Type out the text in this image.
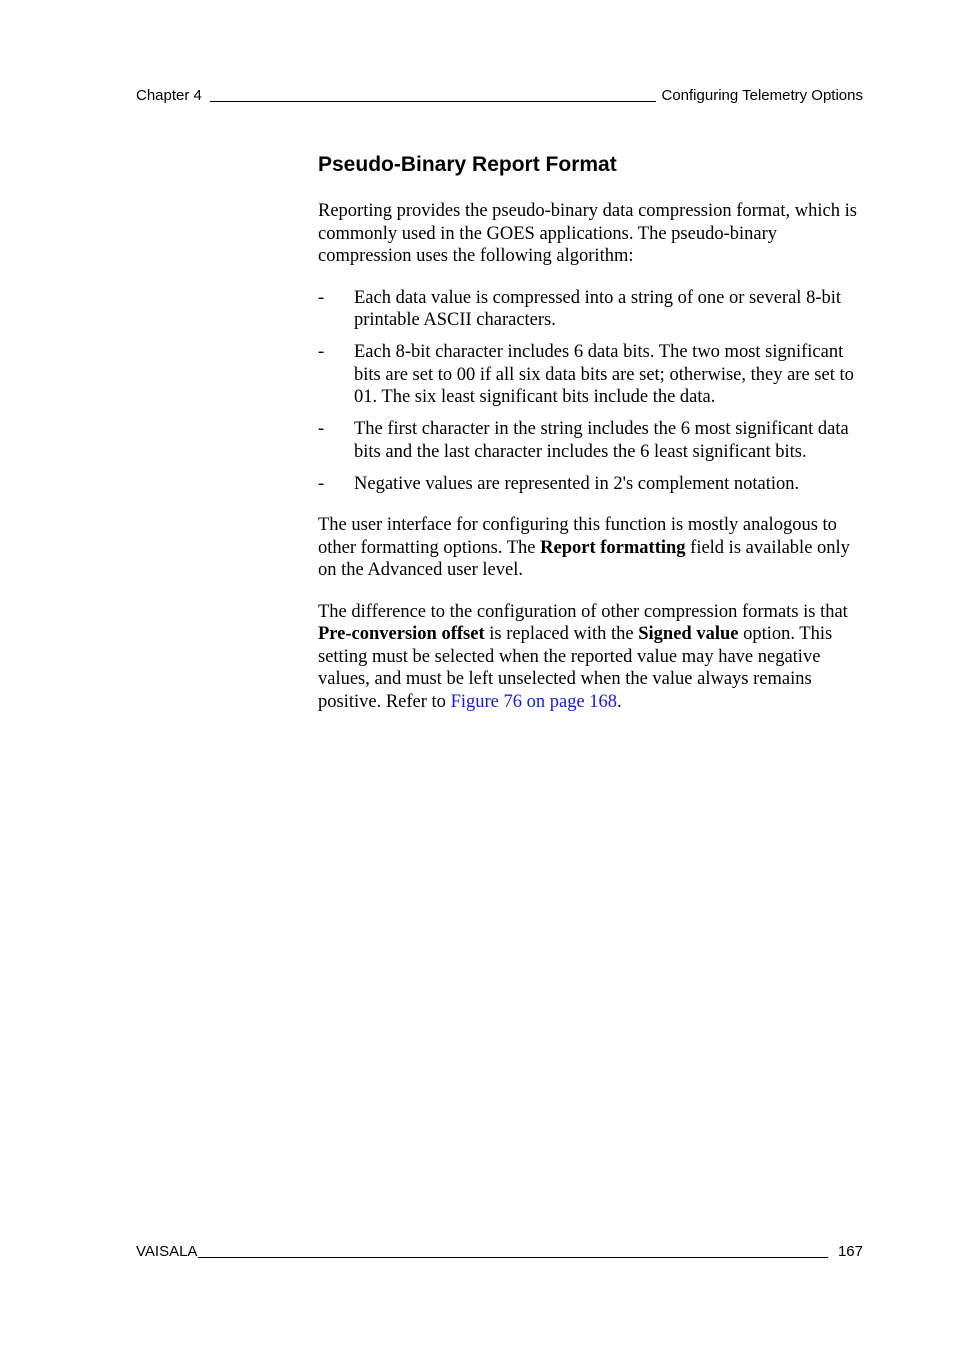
Chapter 4	Configuring Telemetry Options
Pseudo-Binary Report Format

Reporting provides the pseudo-binary data compression format, which is commonly used in the GOES applications. The pseudo-binary compression uses the following algorithm:

- Each data value is compressed into a string of one or several 8-bit printable ASCII characters.
- Each 8-bit character includes 6 data bits. The two most significant bits are set to 00 if all six data bits are set; otherwise, they are set to 01. The six least significant bits include the data.
- The first character in the string includes the 6 most significant data bits and the last character includes the 6 least significant bits.
- Negative values are represented in 2's complement notation.

The user interface for configuring this function is mostly analogous to other formatting options. The Report formatting field is available only on the Advanced user level.

The difference to the configuration of other compression formats is that Pre-conversion offset is replaced with the Signed value option. This setting must be selected when the reported value may have negative values, and must be left unselected when the value always remains positive. Refer to Figure 76 on page 168.

VAISALA	167
